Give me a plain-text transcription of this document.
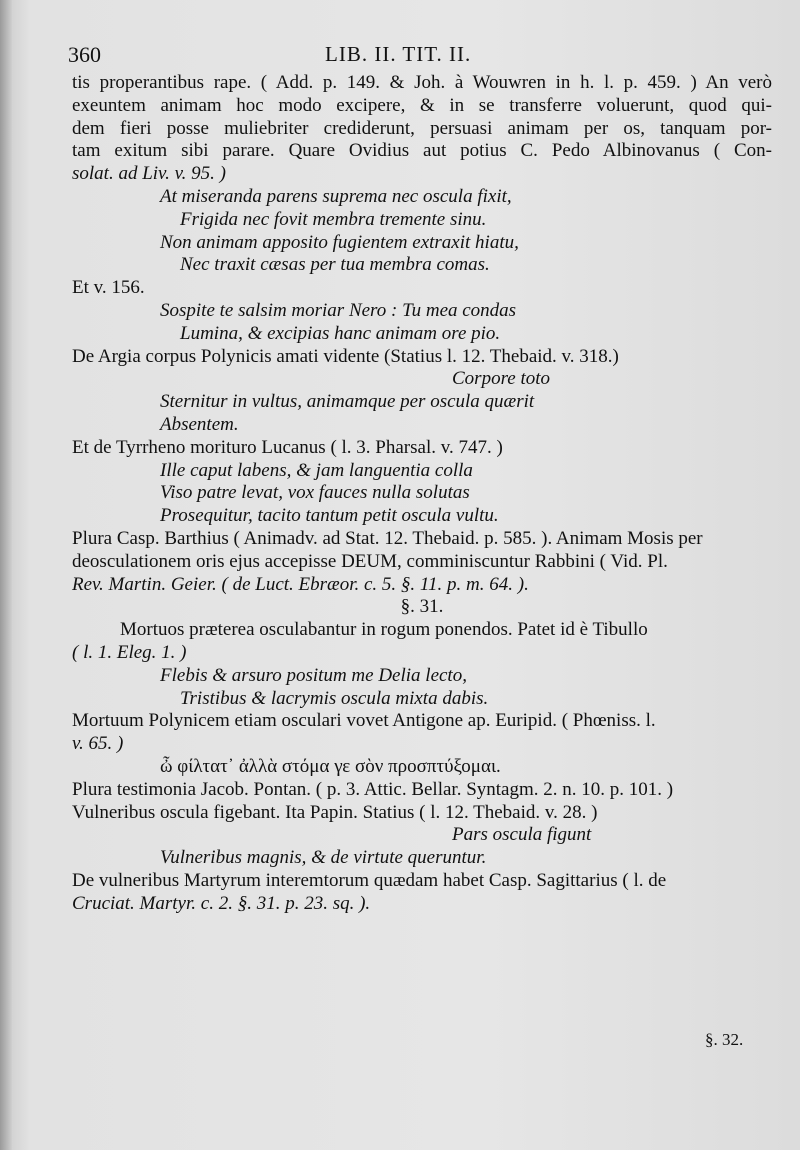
360	LIB. II. TIT. II.
tis properantibus rape. ( Add. p. 149. & Joh. à Wouwren in h. l. p. 459. ) An verò
exeuntem animam hoc modo excipere, & in se transferre voluerunt, quod qui-
dem fieri posse muliebriter crediderunt, persuasi animam per os, tanquam por-
tam exitum sibi parare. Quare Ovidius aut potius C. Pedo Albinovanus ( Con-
solat. ad Liv. v. 95. )
At miseranda parens suprema nec oscula fixit,
Frigida nec fovit membra tremente sinu.
Non animam apposito fugientem extraxit hiatu,
Nec traxit cæsas per tua membra comas.
Et v. 156.
Sospite te salsim moriar Nero : Tu mea condas
Lumina, & excipias hanc animam ore pio.
De Argia corpus Polynicis amati vidente (Statius l. 12. Thebaid. v. 318.)
Corpore toto
Sternitur in vultus, animamque per oscula quærit
Absentem.
Et de Tyrrheno morituro Lucanus ( l. 3. Pharsal. v. 747. )
Ille caput labens, & jam languentia colla
Viso patre levat, vox fauces nulla solutas
Prosequitur, tacito tantum petit oscula vultu.
Plura Casp. Barthius ( Animadv. ad Stat. 12. Thebaid. p. 585. ). Animam Mosis per
deosculationem oris ejus accepisse DEUM, comminiscuntur Rabbini ( Vid. Pl.
Rev. Martin. Geier. ( de Luct. Ebræor. c. 5. §. 11. p. m. 64. ).
§. 31.
Mortuos præterea osculabantur in rogum ponendos. Patet id è Tibullo
( l. 1. Eleg. 1. )
Flebis & arsuro positum me Delia lecto,
Tristibus & lacrymis oscula mixta dabis.
Mortuum Polynicem etiam osculari vovet Antigone ap. Euripid. ( Phœniss. l.
v. 65. )
ὦ φίλτατ᾽ ἀλλὰ στόμα γε σὸν προσπτύξομαι.
Plura testimonia Jacob. Pontan. ( p. 3. Attic. Bellar. Syntagm. 2. n. 10. p. 101. )
Vulneribus oscula figebant. Ita Papin. Statius ( l. 12. Thebaid. v. 28. )
Pars oscula figunt
Vulneribus magnis, & de virtute queruntur.
De vulneribus Martyrum interemtorum quædam habet Casp. Sagittarius ( l. de
Cruciat. Martyr. c. 2. §. 31. p. 23. sq. ).
§. 32.
